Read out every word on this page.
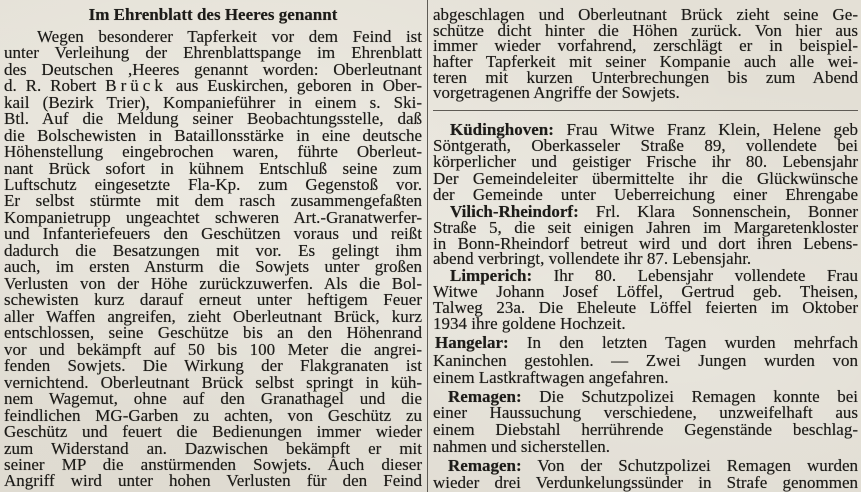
Im Ehrenblatt des Heeres genannt
Wegen besonderer Tapferkeit vor dem Feind ist
unter Verleihung der Ehrenblattspange im Ehrenblatt
des Deutschen ,Heeres genannt worden: Oberleutnant
d. R. Robert Brück aus Euskirchen, geboren in Ober-
kail (Bezirk Trier), Kompanieführer in einem s. Ski-
Btl. Auf die Meldung seiner Beobachtungsstelle, daß
die Bolschewisten in Bataillonsstärke in eine deutsche
Höhenstellung eingebrochen waren, führte Oberleut-
nant Brück sofort in kühnem Entschluß seine zum
Luftschutz eingesetzte Fla-Kp. zum Gegenstoß vor.
Er selbst stürmte mit dem rasch zusammengefaßten
Kompanietrupp ungeachtet schweren Art.-Granatwerfer-
und Infanteriefeuers den Geschützen voraus und reißt
dadurch die Besatzungen mit vor. Es gelingt ihm
auch, im ersten Ansturm die Sowjets unter großen
Verlusten von der Höhe zurückzuwerfen. Als die Bol-
schewisten kurz darauf erneut unter heftigem Feuer
aller Waffen angreifen, zieht Oberleutnant Brück, kurz
entschlossen, seine Geschütze bis an den Höhenrand
vor und bekämpft auf 50 bis 100 Meter die angrei-
fenden Sowjets. Die Wirkung der Flakgranaten ist
vernichtend. Oberleutnant Brück selbst springt in küh-
nem Wagemut, ohne auf den Granathagel und die
feindlichen MG-Garben zu achten, von Geschütz zu
Geschütz und feuert die Bedienungen immer wieder
zum Widerstand an. Dazwischen bekämpft er mit
seiner MP die anstürmenden Sowjets. Auch dieser
Angriff wird unter hohen Verlusten für den Feind
abgeschlagen und Oberleutnant Brück zieht seine Ge-
schütze dicht hinter die Höhen zurück. Von hier aus
immer wieder vorfahrend, zerschlägt er in beispiel-
hafter Tapferkeit mit seiner Kompanie auch alle wei-
teren mit kurzen Unterbrechungen bis zum Abend
vorgetragenen Angriffe der Sowjets.
Küdinghoven: Frau Witwe Franz Klein, Helene geb
Söntgerath, Oberkasseler Straße 89, vollendete bei
körperlicher und geistiger Frische ihr 80. Lebensjahr
Der Gemeindeleiter übermittelte ihr die Glückwünsche
der Gemeinde unter Ueberreichung einer Ehrengabe
Vilich-Rheindorf: Frl. Klara Sonnenschein, Bonner
Straße 5, die seit einigen Jahren im Margaretenkloster
in Bonn-Rheindorf betreut wird und dort ihren Lebens-
abend verbringt, vollendete ihr 87. Lebensjahr.
Limperich: Ihr 80. Lebensjahr vollendete Frau
Witwe Johann Josef Löffel, Gertrud geb. Theisen,
Talweg 23a. Die Eheleute Löffel feierten im Oktober
1934 ihre goldene Hochzeit.
Hangelar: In den letzten Tagen wurden mehrfach
Kaninchen gestohlen. — Zwei Jungen wurden von
einem Lastkraftwagen angefahren.
Remagen: Die Schutzpolizei Remagen konnte bei
einer Haussuchung verschiedene, unzweifelhaft aus
einem Diebstahl herrührende Gegenstände beschlag-
nahmen und sicherstellen.
Remagen: Von der Schutzpolizei Remagen wurden
wieder drei Verdunkelungssünder in Strafe genommen
